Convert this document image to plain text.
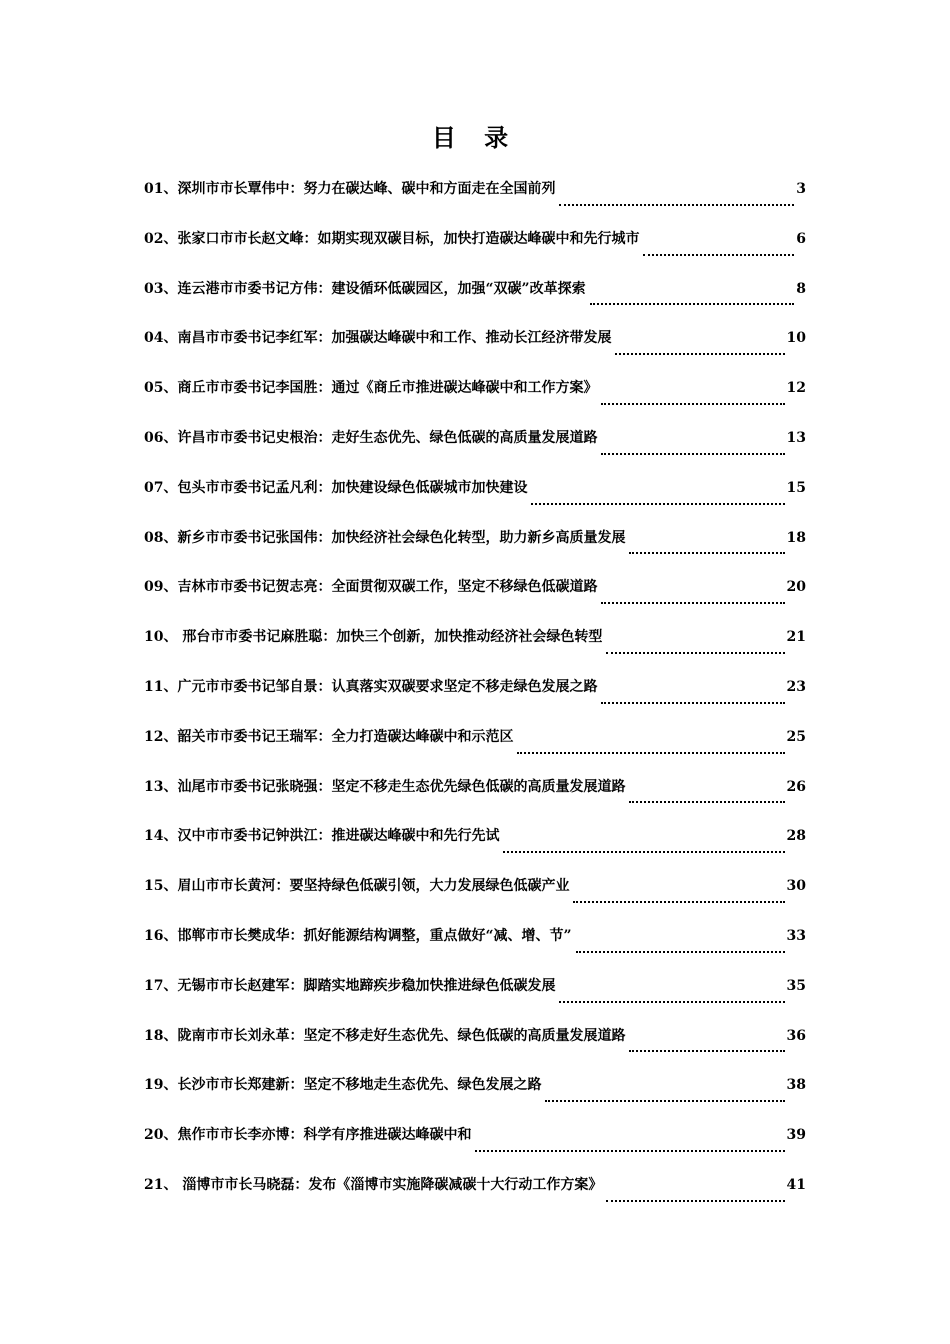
目 录
01、深圳市市长覃伟中：努力在碳达峰、碳中和方面走在全国前列	3
02、张家口市市长赵文峰：如期实现双碳目标，加快打造碳达峰碳中和先行城市	6
03、连云港市市委书记方伟：建设循环低碳园区，加强“双碳”改革探索	8
04、南昌市市委书记李红军：加强碳达峰碳中和工作、推动长江经济带发展	10
05、商丘市市委书记李国胜：通过《商丘市推进碳达峰碳中和工作方案》	12
06、许昌市市委书记史根治：走好生态优先、绿色低碳的高质量发展道路	13
07、包头市市委书记孟凡利：加快建设绿色低碳城市加快建设	15
08、新乡市市委书记张国伟：加快经济社会绿色化转型，助力新乡高质量发展	18
09、吉林市市委书记贺志亮：全面贯彻双碳工作，坚定不移绿色低碳道路	20
10、 邢台市市委书记麻胜聪：加快三个创新，加快推动经济社会绿色转型	21
11、广元市市委书记邹自景：认真落实双碳要求坚定不移走绿色发展之路	23
12、韶关市市委书记王瑞军：全力打造碳达峰碳中和示范区	25
13、汕尾市市委书记张晓强：坚定不移走生态优先绿色低碳的高质量发展道路	26
14、汉中市市委书记钟洪江：推进碳达峰碳中和先行先试	28
15、眉山市市长黄河：要坚持绿色低碳引领，大力发展绿色低碳产业	30
16、邯郸市市长樊成华：抓好能源结构调整，重点做好“减、增、节”	33
17、无锡市市长赵建军：脚踏实地蹄疾步稳加快推进绿色低碳发展	35
18、陇南市市长刘永革：坚定不移走好生态优先、绿色低碳的高质量发展道路	36
19、长沙市市长郑建新：坚定不移地走生态优先、绿色发展之路	38
20、焦作市市长李亦博：科学有序推进碳达峰碳中和	39
21、 淄博市市长马晓磊：发布《淄博市实施降碳减碳十大行动工作方案》	41
